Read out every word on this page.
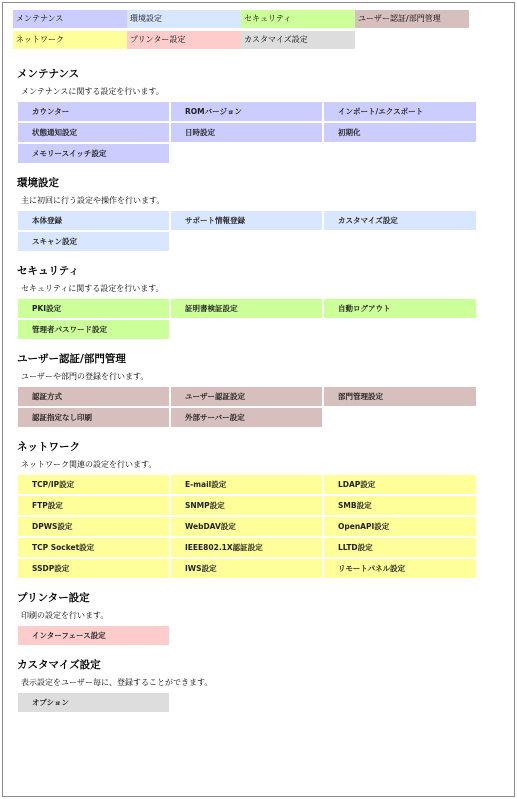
メンテナンス	環境設定	セキュリティ	ユーザー認証/部門管理
ネットワーク	プリンター設定	カスタマイズ設定
メンテナンス
メンテナンスに関する設定を行います。
カウンター	ROMバージョン	インポート/エクスポート
状態通知設定	日時設定	初期化
メモリースイッチ設定
環境設定
主に初回に行う設定や操作を行います。
本体登録	サポート情報登録	カスタマイズ設定
スキャン設定
セキュリティ
セキュリティに関する設定を行います。
PKI設定	証明書検証設定	自動ログアウト
管理者パスワード設定
ユーザー認証/部門管理
ユーザーや部門の登録を行います。
認証方式	ユーザー認証設定	部門管理設定
認証指定なし印刷	外部サーバー設定
ネットワーク
ネットワーク関連の設定を行います。
TCP/IP設定	E-mail設定	LDAP設定
FTP設定	SNMP設定	SMB設定
DPWS設定	WebDAV設定	OpenAPI設定
TCP Socket設定	IEEE802.1X認証設定	LLTD設定
SSDP設定	IWS設定	リモートパネル設定
プリンター設定
印刷の設定を行います。
インターフェース設定
カスタマイズ設定
表示設定をユーザー毎に、登録することができます。
オプション
